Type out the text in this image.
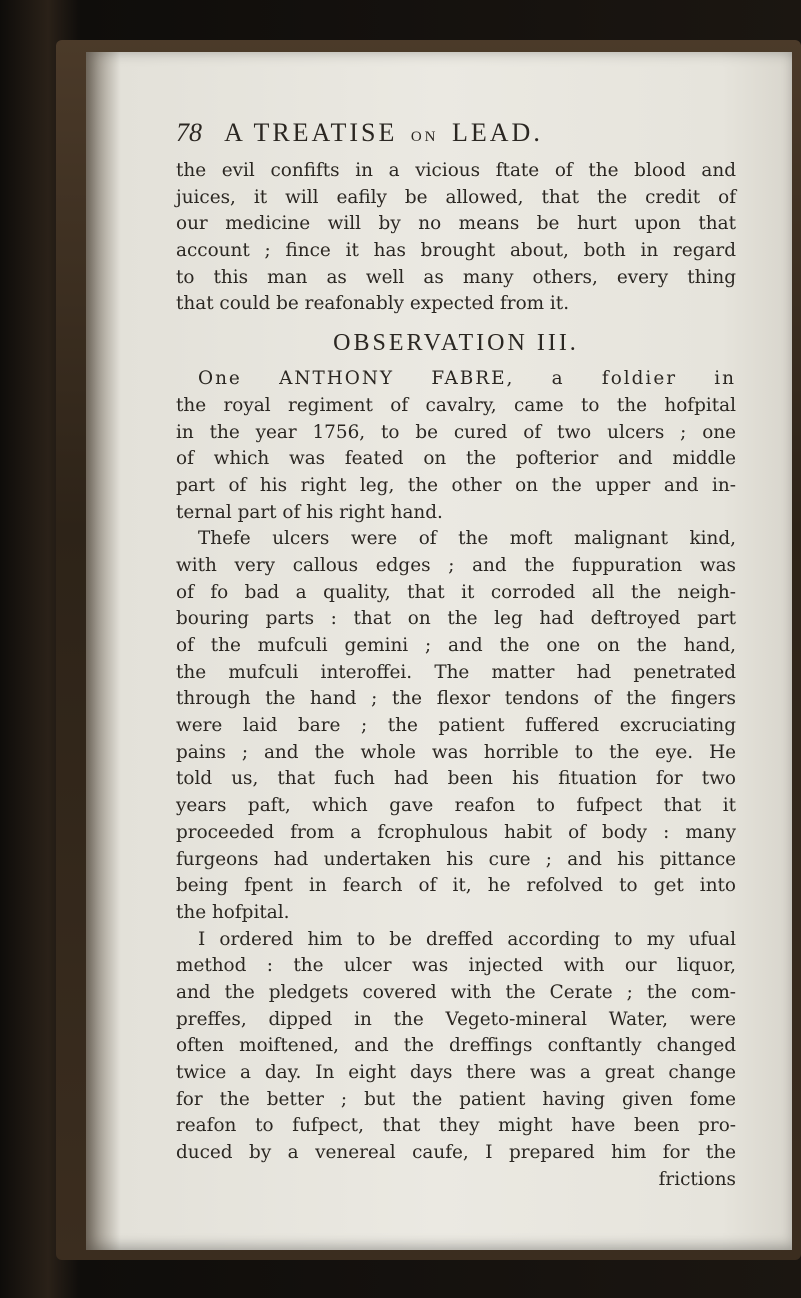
78 A TREATISE ON LEAD.
the evil confifts in a vicious ftate of the blood and
juices, it will eafily be allowed, that the credit of
our medicine will by no means be hurt upon that
account ; fince it has brought about, both in regard
to this man as well as many others, every thing
that could be reafonably expected from it.
OBSERVATION III.
One ANTHONY FABRE, a foldier in
the royal regiment of cavalry, came to the hofpital
in the year 1756, to be cured of two ulcers ; one
of which was feated on the pofterior and middle
part of his right leg, the other on the upper and in-
ternal part of his right hand.
Thefe ulcers were of the moft malignant kind,
with very callous edges ; and the fuppuration was
of fo bad a quality, that it corroded all the neigh-
bouring parts : that on the leg had deftroyed part
of the mufculi gemini ; and the one on the hand,
the mufculi interoffei. The matter had penetrated
through the hand ; the flexor tendons of the fingers
were laid bare ; the patient fuffered excruciating
pains ; and the whole was horrible to the eye. He
told us, that fuch had been his fituation for two
years paft, which gave reafon to fufpect that it
proceeded from a fcrophulous habit of body : many
furgeons had undertaken his cure ; and his pittance
being fpent in fearch of it, he refolved to get into
the hofpital.
I ordered him to be dreffed according to my ufual
method : the ulcer was injected with our liquor,
and the pledgets covered with the Cerate ; the com-
preffes, dipped in the Vegeto-mineral Water, were
often moiftened, and the dreffings conftantly changed
twice a day. In eight days there was a great change
for the better ; but the patient having given fome
reafon to fufpect, that they might have been pro-
duced by a venereal caufe, I prepared him for the
frictions
